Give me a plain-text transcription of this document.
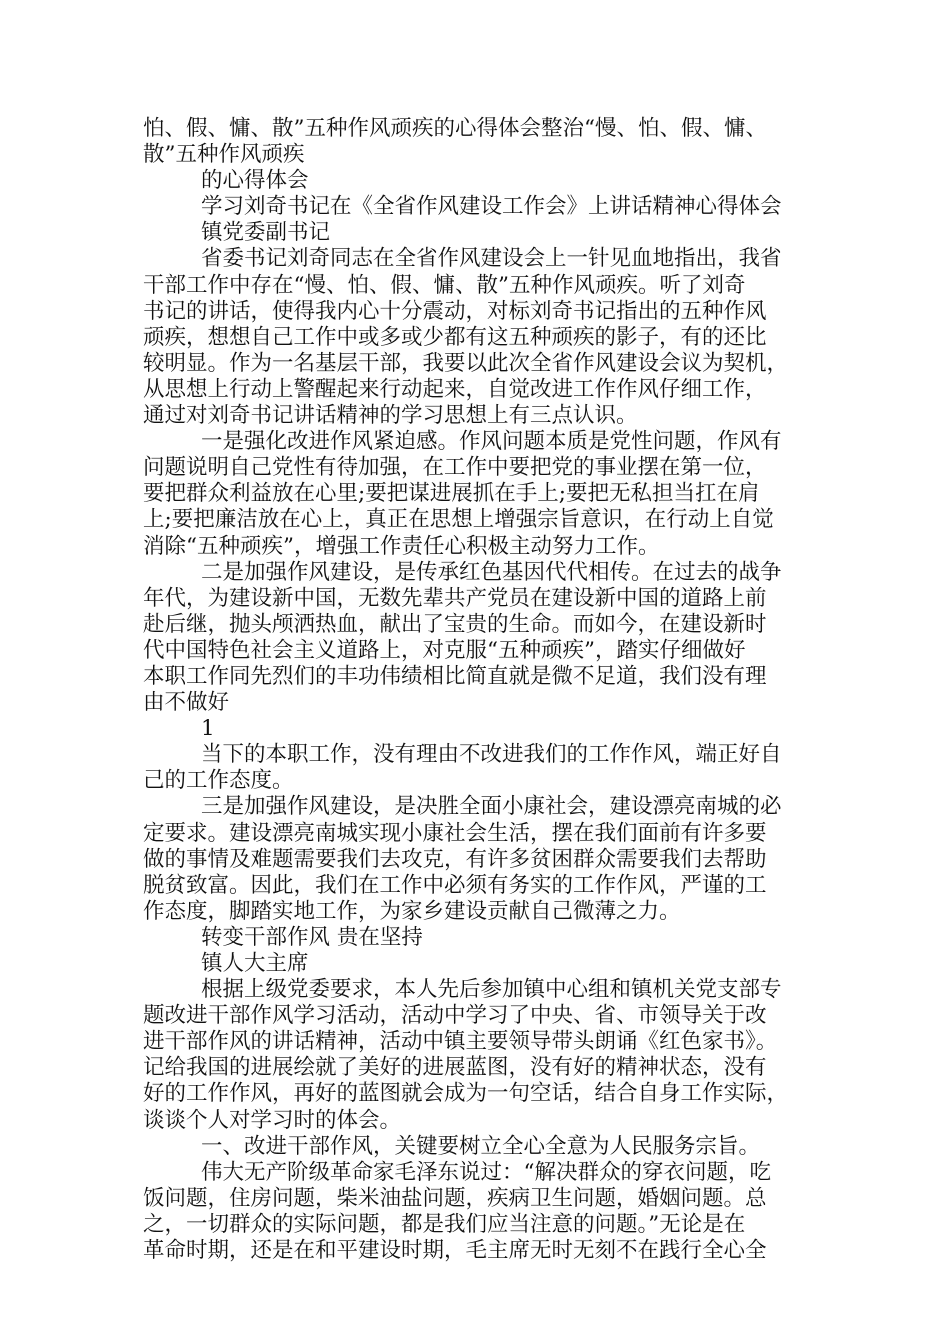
怕、假、慵、散”五种作风顽疾的心得体会整治“慢、怕、假、慵、
散”五种作风顽疾
的心得体会
学习刘奇书记在《全省作风建设工作会》上讲话精神心得体会
镇党委副书记
省委书记刘奇同志在全省作风建设会上一针见血地指出，我省
干部工作中存在“慢、怕、假、慵、散”五种作风顽疾。听了刘奇
书记的讲话，使得我内心十分震动，对标刘奇书记指出的五种作风
顽疾，想想自己工作中或多或少都有这五种顽疾的影子，有的还比
较明显。作为一名基层干部，我要以此次全省作风建设会议为契机，
从思想上行动上警醒起来行动起来，自觉改进工作作风仔细工作，
通过对刘奇书记讲话精神的学习思想上有三点认识。
一是强化改进作风紧迫感。作风问题本质是党性问题，作风有
问题说明自己党性有待加强，在工作中要把党的事业摆在第一位，
要把群众利益放在心里;要把谋进展抓在手上;要把无私担当扛在肩
上;要把廉洁放在心上，真正在思想上增强宗旨意识，在行动上自觉
消除“五种顽疾”，增强工作责任心积极主动努力工作。
二是加强作风建设，是传承红色基因代代相传。在过去的战争
年代，为建设新中国，无数先辈共产党员在建设新中国的道路上前
赴后继，抛头颅洒热血，献出了宝贵的生命。而如今，在建设新时
代中国特色社会主义道路上，对克服“五种顽疾”，踏实仔细做好
本职工作同先烈们的丰功伟绩相比简直就是微不足道，我们没有理
由不做好
1
当下的本职工作，没有理由不改进我们的工作作风，端正好自
己的工作态度。
三是加强作风建设，是决胜全面小康社会，建设漂亮南城的必
定要求。建设漂亮南城实现小康社会生活，摆在我们面前有许多要
做的事情及难题需要我们去攻克，有许多贫困群众需要我们去帮助
脱贫致富。因此，我们在工作中必须有务实的工作作风，严谨的工
作态度，脚踏实地工作，为家乡建设贡献自己微薄之力。
转变干部作风 贵在坚持
镇人大主席
根据上级党委要求，本人先后参加镇中心组和镇机关党支部专
题改进干部作风学习活动，活动中学习了中央、省、市领导关于改
进干部作风的讲话精神，活动中镇主要领导带头朗诵《红色家书》。
记给我国的进展绘就了美好的进展蓝图，没有好的精神状态，没有
好的工作作风，再好的蓝图就会成为一句空话，结合自身工作实际，
谈谈个人对学习时的体会。
一、改进干部作风，关键要树立全心全意为人民服务宗旨。
伟大无产阶级革命家毛泽东说过：“解决群众的穿衣问题，吃
饭问题，住房问题，柴米油盐问题，疾病卫生问题，婚姻问题。总
之，一切群众的实际问题，都是我们应当注意的问题。”无论是在
革命时期，还是在和平建设时期，毛主席无时无刻不在践行全心全
